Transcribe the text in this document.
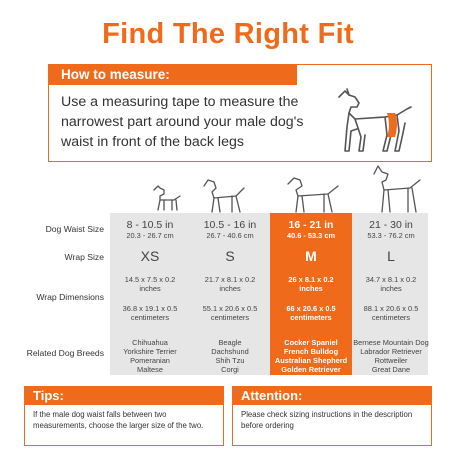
Find The Right Fit
How to measure:
Use a measuring tape to measure the narrowest part around your male dog's waist in front of the back legs
Dog Waist Size
Wrap Size
Wrap Dimensions
Related Dog Breeds
8 - 10.5 in
20.3 - 26.7 cm
XS
14.5 x 7.5 x 0.2
inches
36.8 x 19.1 x 0.5
centimeters
Chihuahua
Yorkshire Terrier
Pomeranian
Maltese
10.5 - 16 in
26.7 - 40.6 cm
S
21.7 x 8.1 x 0.2
inches
55.1 x 20.6 x 0.5
centimeters
Beagle
Dachshund
Shih Tzu
Corgi
16 - 21 in
40.6 - 53.3 cm
M
26 x 8.1 x 0.2
inches
66 x 20.6 x 0.5
centimeters
Cocker Spaniel
French Bulldog
Australian Shepherd
Golden Retriever
21 - 30 in
53.3 - 76.2 cm
L
34.7 x 8.1 x 0.2
inches
88.1 x 20.6 x 0.5
centimeters
Bernese Mountain Dog
Labrador Retriever
Rottweiler
Great Dane
Tips:
If the male dog waist falls between two measurements, choose the larger size of the two.
Attention:
Please check sizing instructions in the description before ordering
